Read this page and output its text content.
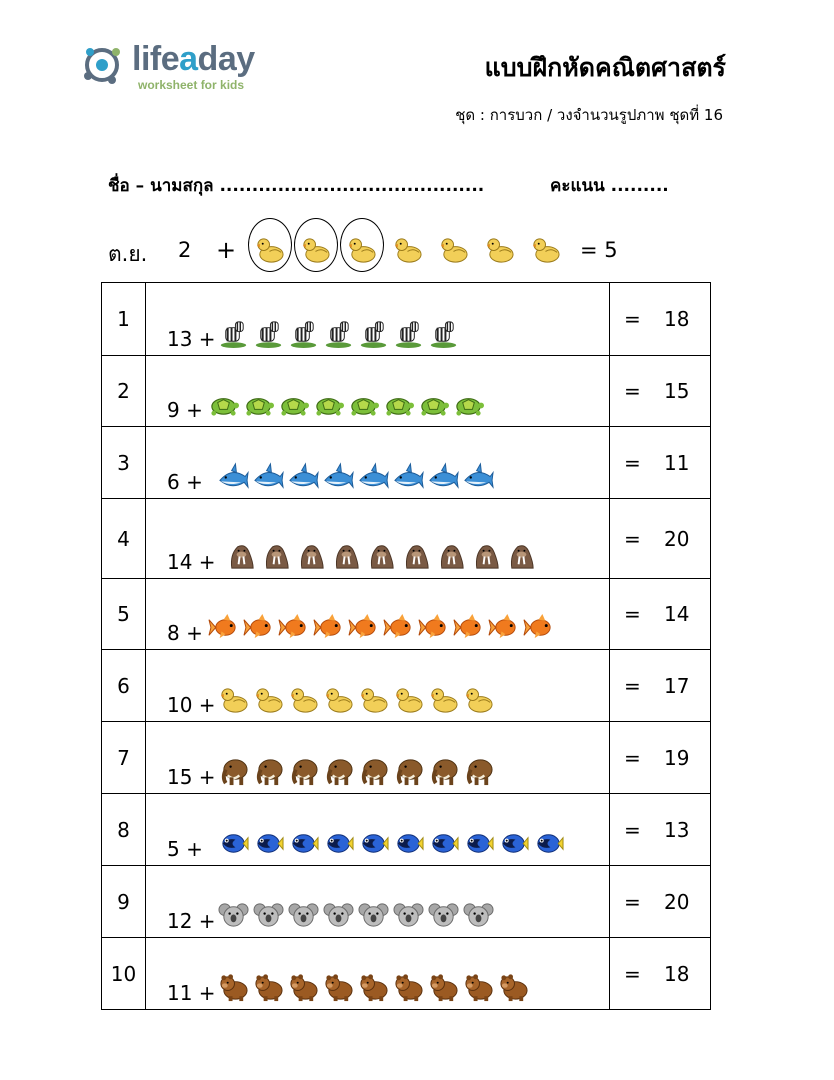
lifeaday
worksheet for kids
แบบฝึกหัดคณิตศาสตร์
ชุด : การบวก / วงจำนวนรูปภาพ ชุดที่ 16
ชื่อ – นามสกุล .........................................	คะแนน .........
ต.ย. 2 +	= 5
1	13 +	= 18

2	9 +	= 15

3	6 +	= 11

4	14 +	= 20

5	8 +	= 14

6	10 +	= 17

7	15 +	= 19

8	5 +	= 13

9	12 +	= 20

10	11 +	= 18
